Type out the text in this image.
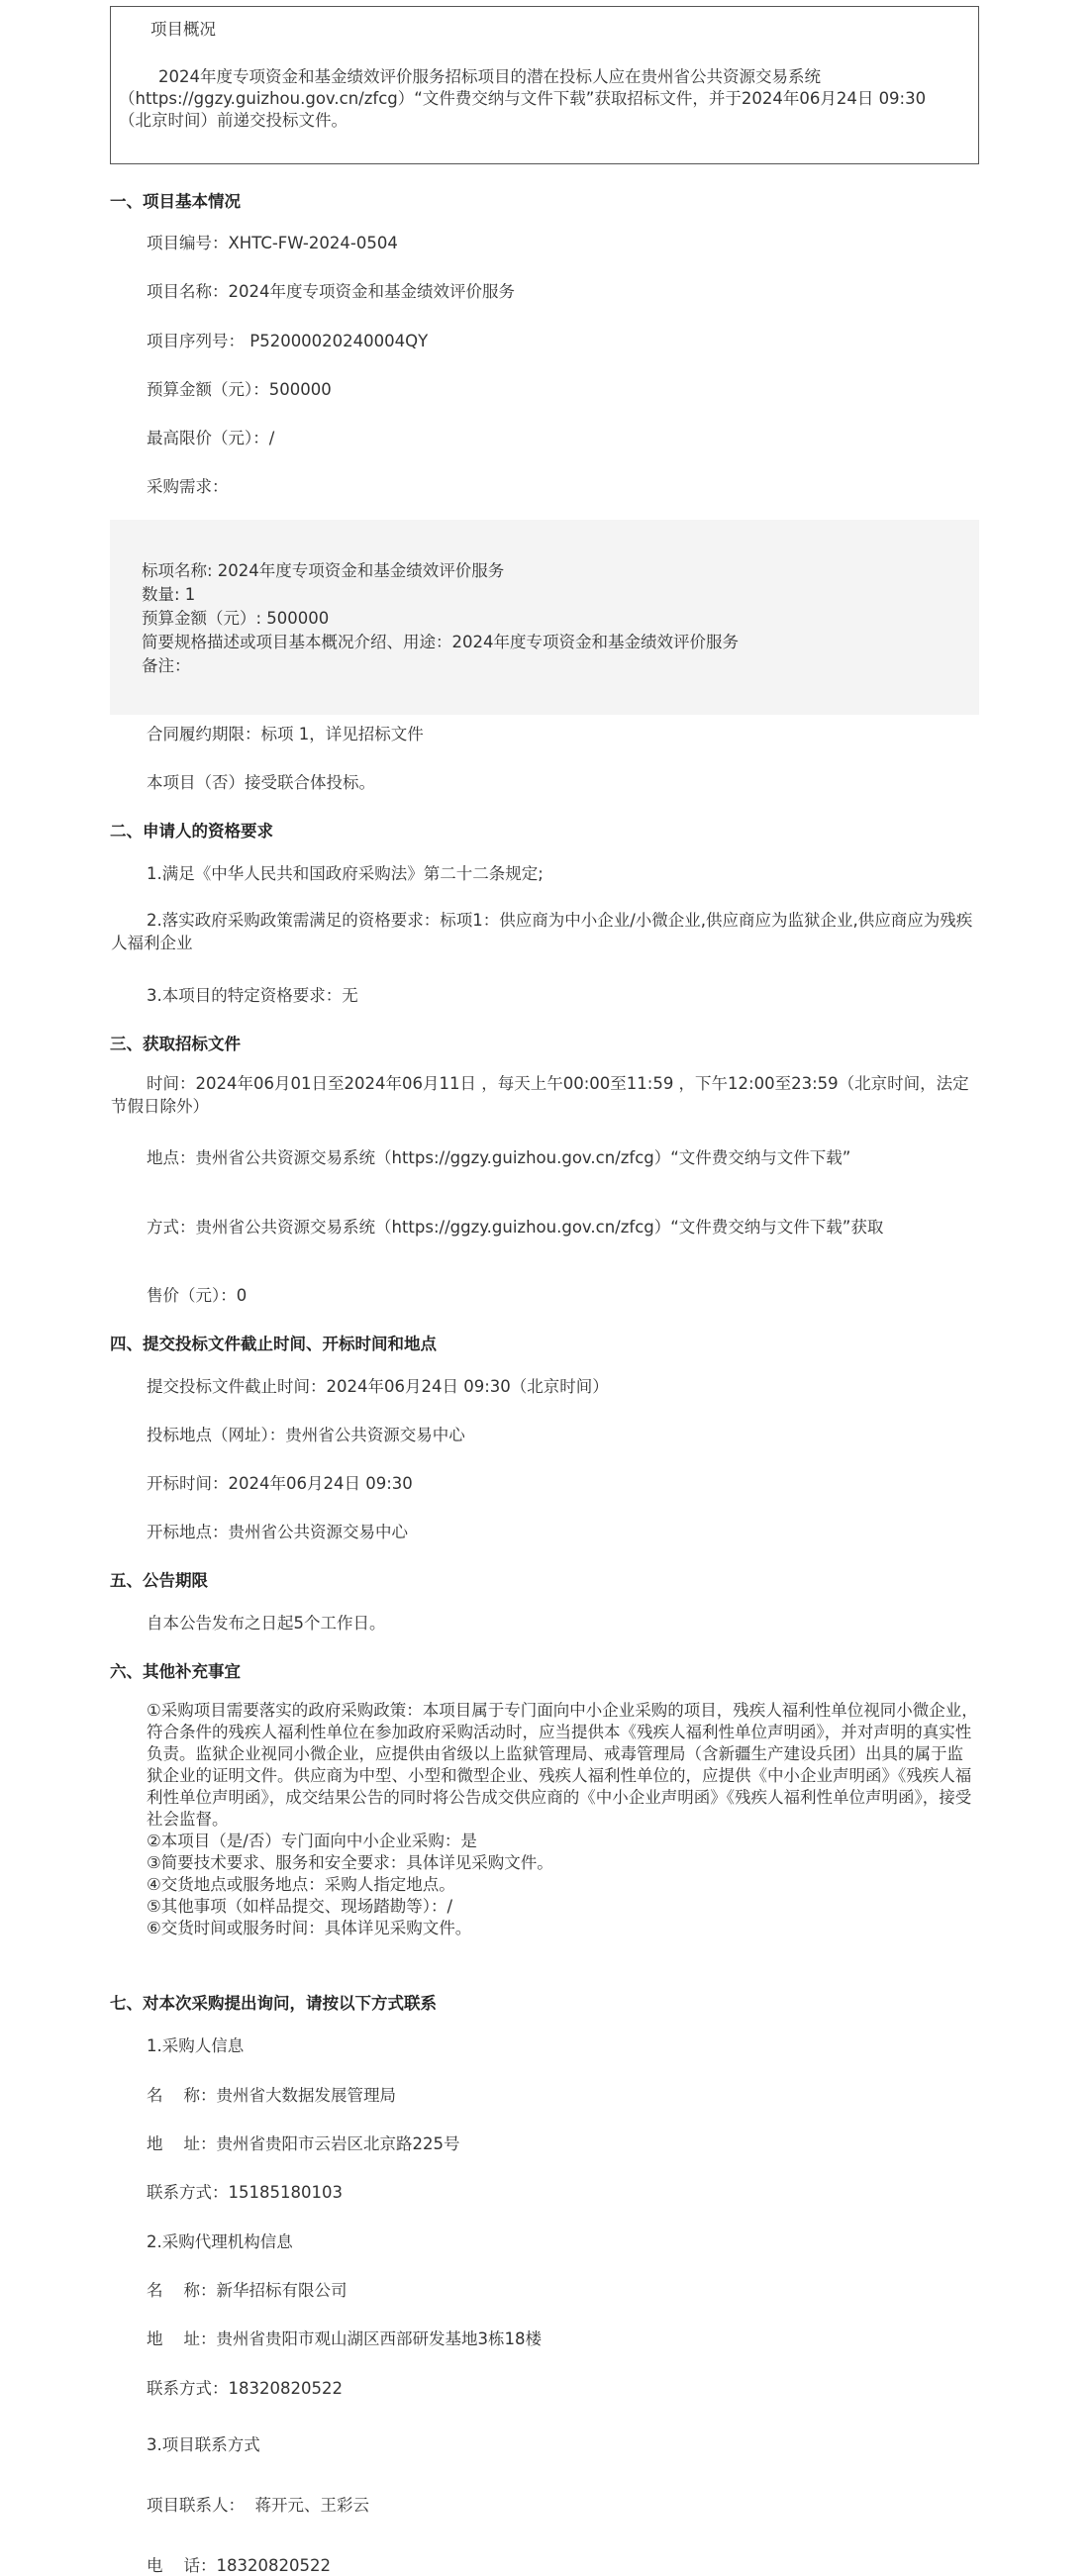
项目概况
2024年度专项资金和基金绩效评价服务招标项目的潜在投标人应在贵州省公共资源交易系统（https://ggzy.guizhou.gov.cn/zfcg）“文件费交纳与文件下载”获取招标文件，并于2024年06月24日 09:30（北京时间）前递交投标文件。
一、项目基本情况
项目编号：XHTC-FW-2024-0504
项目名称：2024年度专项资金和基金绩效评价服务
项目序列号： P52000020240004QY
预算金额（元）：500000
最高限价（元）：/
采购需求：
标项名称: 2024年度专项资金和基金绩效评价服务
数量: 1
预算金额（元）: 500000
简要规格描述或项目基本概况介绍、用途：2024年度专项资金和基金绩效评价服务
备注：
合同履约期限：标项 1，详见招标文件
本项目（否）接受联合体投标。
二、申请人的资格要求
1.满足《中华人民共和国政府采购法》第二十二条规定;
2.落实政府采购政策需满足的资格要求：标项1：供应商为中小企业/小微企业,供应商应为监狱企业,供应商应为残疾人福利企业
3.本项目的特定资格要求：无
三、获取招标文件
时间：2024年06月01日至2024年06月11日 ，每天上午00:00至11:59 ，下午12:00至23:59（北京时间，法定节假日除外）
地点：贵州省公共资源交易系统（https://ggzy.guizhou.gov.cn/zfcg）“文件费交纳与文件下载”
方式：贵州省公共资源交易系统（https://ggzy.guizhou.gov.cn/zfcg）“文件费交纳与文件下载”获取
售价（元）：0
四、提交投标文件截止时间、开标时间和地点
提交投标文件截止时间：2024年06月24日 09:30（北京时间）
投标地点（网址）：贵州省公共资源交易中心
开标时间：2024年06月24日 09:30
开标地点：贵州省公共资源交易中心
五、公告期限
自本公告发布之日起5个工作日。
六、其他补充事宜
①采购项目需要落实的政府采购政策：本项目属于专门面向中小企业采购的项目，残疾人福利性单位视同小微企业，符合条件的残疾人福利性单位在参加政府采购活动时，应当提供本《残疾人福利性单位声明函》，并对声明的真实性负责。监狱企业视同小微企业，应提供由省级以上监狱管理局、戒毒管理局（含新疆生产建设兵团）出具的属于监狱企业的证明文件。供应商为中型、小型和微型企业、残疾人福利性单位的，应提供《中小企业声明函》《残疾人福利性单位声明函》，成交结果公告的同时将公告成交供应商的《中小企业声明函》《残疾人福利性单位声明函》，接受社会监督。
②本项目（是/否）专门面向中小企业采购：是
③简要技术要求、服务和安全要求：具体详见采购文件。
④交货地点或服务地点：采购人指定地点。
⑤其他事项（如样品提交、现场踏勘等）：/
⑥交货时间或服务时间：具体详见采购文件。
七、对本次采购提出询问，请按以下方式联系
1.采购人信息
名    称：贵州省大数据发展管理局
地    址：贵州省贵阳市云岩区北京路225号
联系方式：15185180103
2.采购代理机构信息
名    称：新华招标有限公司
地    址：贵州省贵阳市观山湖区西部研发基地3栋18楼
联系方式：18320820522
3.项目联系方式
项目联系人：  蒋开元、王彩云
电    话：18320820522
